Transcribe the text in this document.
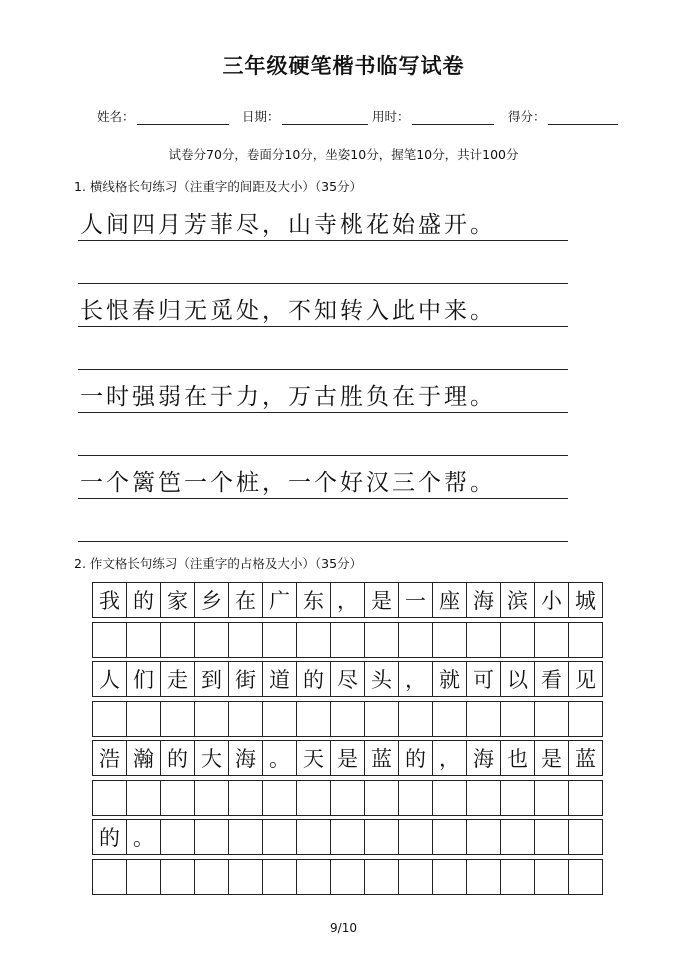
三年级硬笔楷书临写试卷
姓名：	日期：	用时：	得分：
试卷分70分，卷面分10分，坐姿10分，握笔10分，共计100分
1. 横线格长句练习（注重字的间距及大小）（35分）
人间四月芳菲尽，山寺桃花始盛开。
长恨春归无觅处，不知转入此中来。
一时强弱在于力，万古胜负在于理。
一个篱笆一个桩，一个好汉三个帮。
2. 作文格长句练习（注重字的占格及大小）（35分）
我 的 家 乡 在 广 东 ， 是 一 座 海 滨 小 城
人 们 走 到 街 道 的 尽 头 ， 就 可 以 看 见
浩 瀚 的 大 海 。 天 是 蓝 的 ， 海 也 是 蓝
的 。
9/10
